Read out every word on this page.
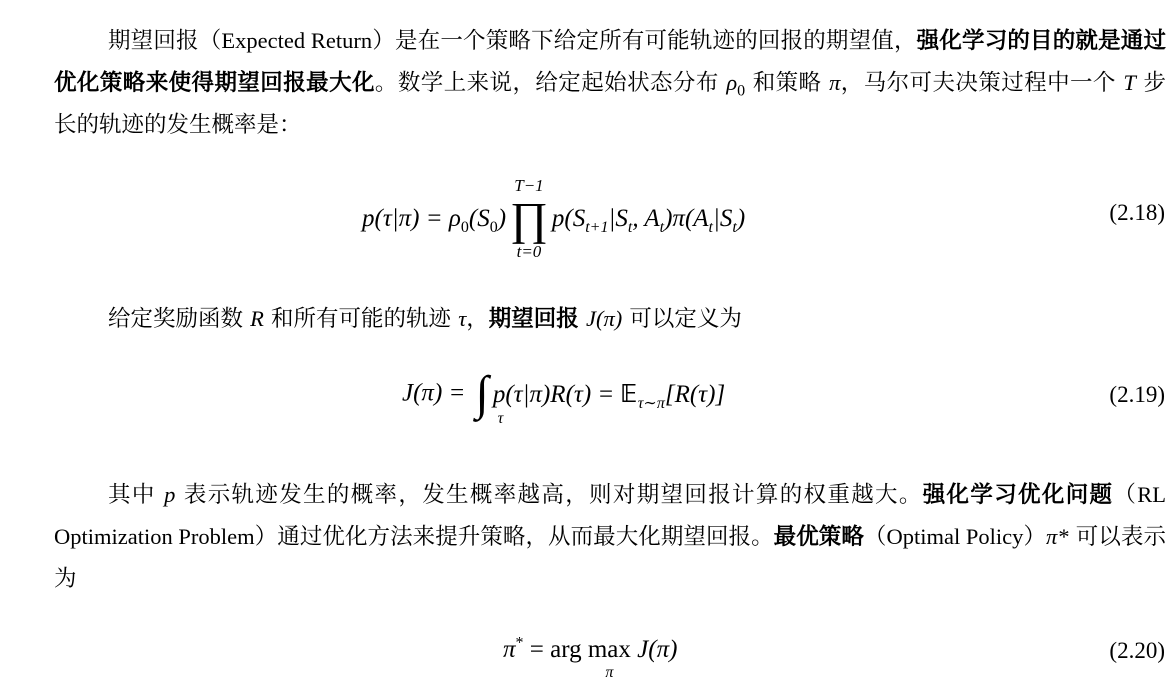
期望回报（Expected Return）是在一个策略下给定所有可能轨迹的回报的期望值，强化学习的目的就是通过优化策略来使得期望回报最大化。数学上来说，给定起始状态分布 $\rho_0$ 和策略 π，马尔可夫决策过程中一个 T 步长的轨迹的发生概率是：

$p(\tau|\pi) = \rho_0(S_0)$
T−1
∏
t=0
$p(S_{t+1}|S_t$, $A_t)\pi(A_t|S_t)$	(2.18)

给定奖励函数 R 和所有可能的轨迹 τ，期望回报 J(π) 可以定义为

J(π) = ∫ τ
p(τ|π)R(τ) = 𝔼$_{\tau\sim\pi}$[R(τ)]	(2.19)

其中 p 表示轨迹发生的概率，发生概率越高，则对期望回报计算的权重越大。强化学习优化问题（RL Optimization Problem）通过优化方法来提升策略，从而最大化期望回报。最优策略（Optimal Policy）π* 可以表示为

π* = arg max
π
J(π)	(2.20)
